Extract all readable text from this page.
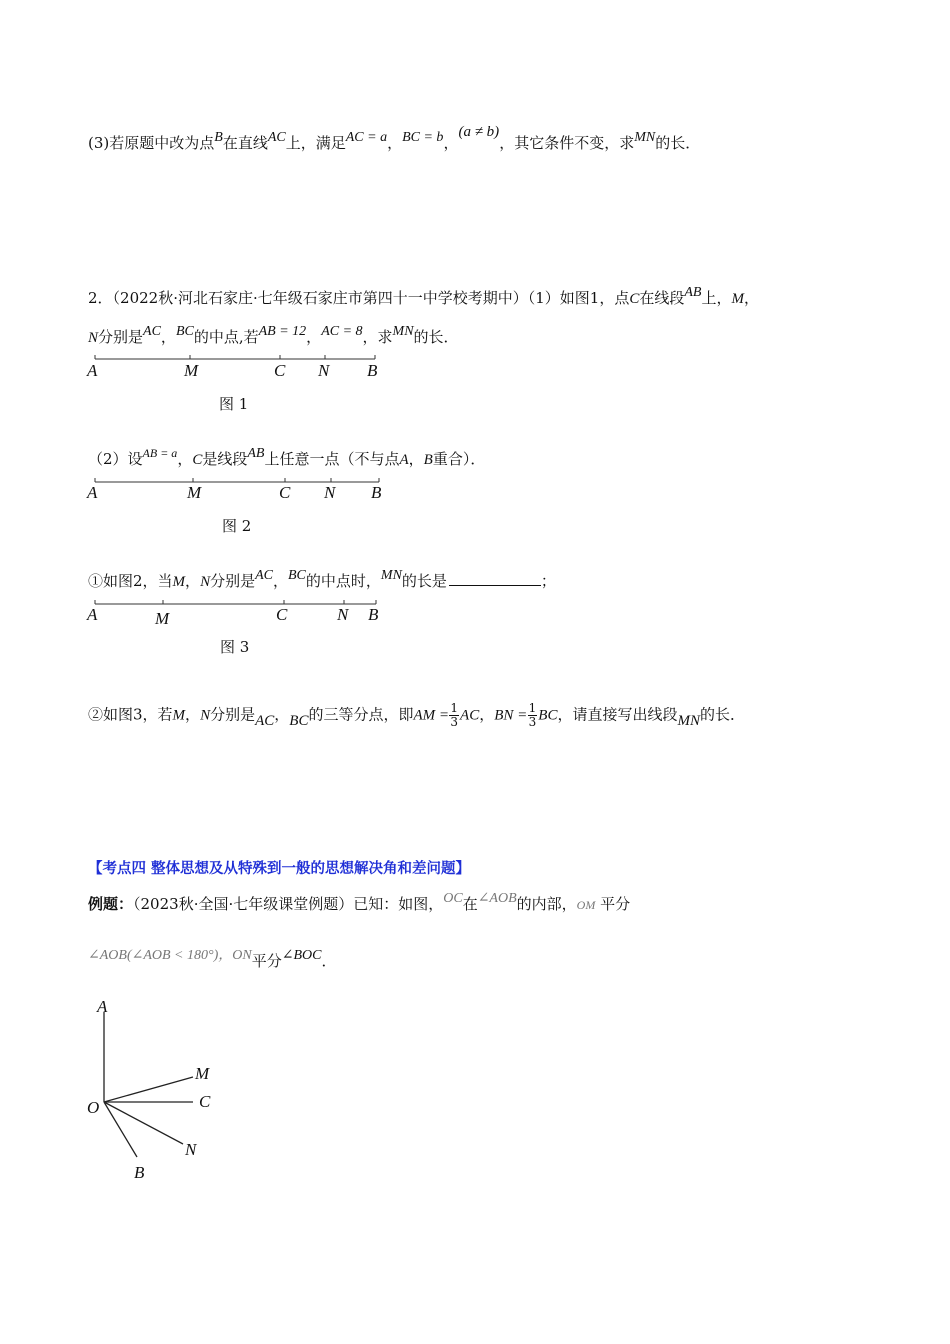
(3)若原题中改为点B在直线AC上，满足AC = a，BC = b，(a ≠ b)，其它条件不变，求MN的长．
2．（2022秋·河北石家庄·七年级石家庄市第四十一中学校考期中）（1）如图1，点C在线段AB上，M，
N分别是AC，BC的中点,若AB = 12，AC = 8，求MN的长．
A	M	C N B
图 1
（2）设$^{AB = a}$，C是线段AB上任意一点（不与点A，B重合）．
A	M	C N B
图 2
①如图2，当M，N分别是AC，BC的中点时，MN的长是	；
A	M	C	N B
图 3
②如图3，若M，N分别是AC，BC的三等分点，即AM = $\frac{1}{3}$ AC，BN = $\frac{1}{3}$ BC，请直接写出线段MN的长．
【考点四 整体思想及从特殊到一般的思想解决角和差问题】
例题：（2023秋·全国·七年级课堂例题）已知：如图，OC在∠AOB的内部，OM 平分
∠AOB(∠AOB < 180°)，ON平分∠BOC．
A
M
O	C
N
B
